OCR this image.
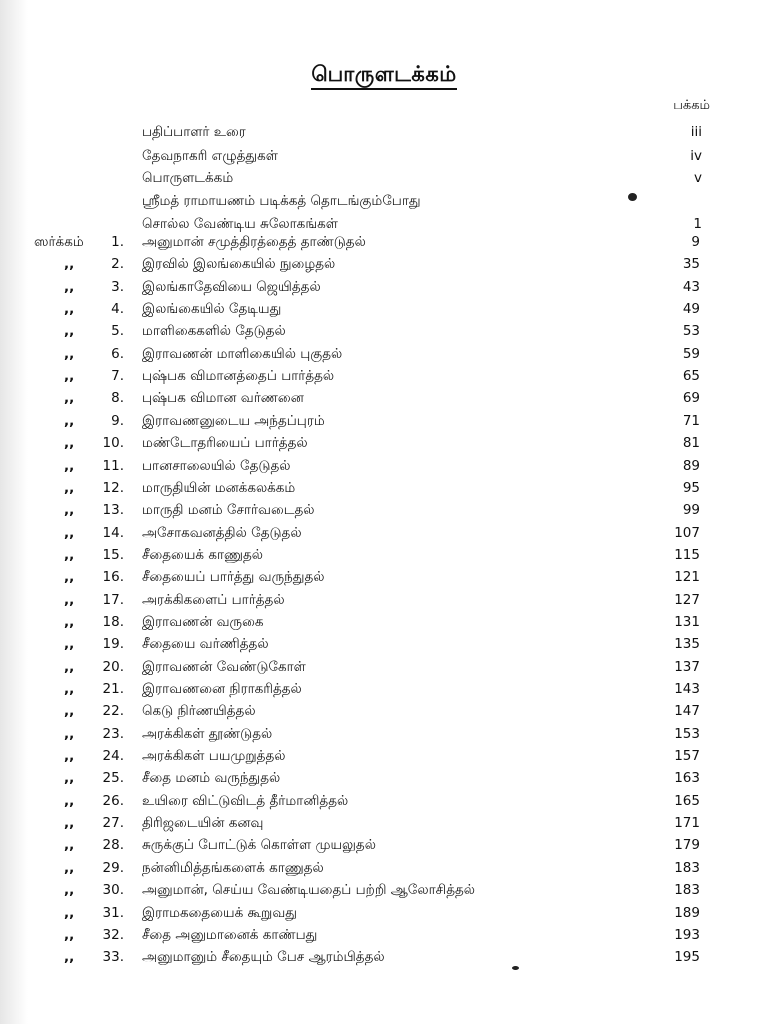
பொருளடக்கம்
பக்கம்
பதிப்பாளர் உரை	iii
தேவநாகரி எழுத்துகள்	iv
பொருளடக்கம்	v
ஸ்ரீமத் ராமாயணம் படிக்கத் தொடங்கும்போது
சொல்ல வேண்டிய சுலோகங்கள்	1
ஸர்க்கம்	1. அனுமான் சமுத்திரத்தைத் தாண்டுதல்	9
,,	2. இரவில் இலங்கையில் நுழைதல்	35
,,	3. இலங்காதேவியை ஜெயித்தல்	43
,,	4. இலங்கையில் தேடியது	49
,,	5. மாளிகைகளில் தேடுதல்	53
,,	6. இராவணன் மாளிகையில் புகுதல்	59
,,	7. புஷ்பக விமானத்தைப் பார்த்தல்	65
,,	8. புஷ்பக விமான வர்ணனை	69
,,	9. இராவணனுடைய அந்தப்புரம்	71
,,	10. மண்டோதரியைப் பார்த்தல்	81
,,	11. பானசாலையில் தேடுதல்	89
,,	12. மாருதியின் மனக்கலக்கம்	95
,,	13. மாருதி மனம் சோர்வடைதல்	99
,,	14. அசோகவனத்தில் தேடுதல்	107
,,	15. சீதையைக் காணுதல்	115
,,	16. சீதையைப் பார்த்து வருந்துதல்	121
,,	17. அரக்கிகளைப் பார்த்தல்	127
,,	18. இராவணன் வருகை	131
,,	19. சீதையை வர்ணித்தல்	135
,,	20. இராவணன் வேண்டுகோள்	137
,,	21. இராவணனை நிராகரித்தல்	143
,,	22. கெடு நிர்ணயித்தல்	147
,,	23. அரக்கிகள் தூண்டுதல்	153
,,	24. அரக்கிகள் பயமுறுத்தல்	157
,,	25. சீதை மனம் வருந்துதல்	163
,,	26. உயிரை விட்டுவிடத் தீர்மானித்தல்	165
,,	27. திரிஜடையின் கனவு	171
,,	28. சுருக்குப் போட்டுக் கொள்ள முயலுதல்	179
,,	29. நன்னிமித்தங்களைக் காணுதல்	183
,,	30. அனுமான், செய்ய வேண்டியதைப் பற்றி ஆலோசித்தல்	183
,,	31. இராமகதையைக் கூறுவது	189
,,	32. சீதை அனுமானைக் காண்பது	193
,,	33. அனுமானும் சீதையும் பேச ஆரம்பித்தல்	195
